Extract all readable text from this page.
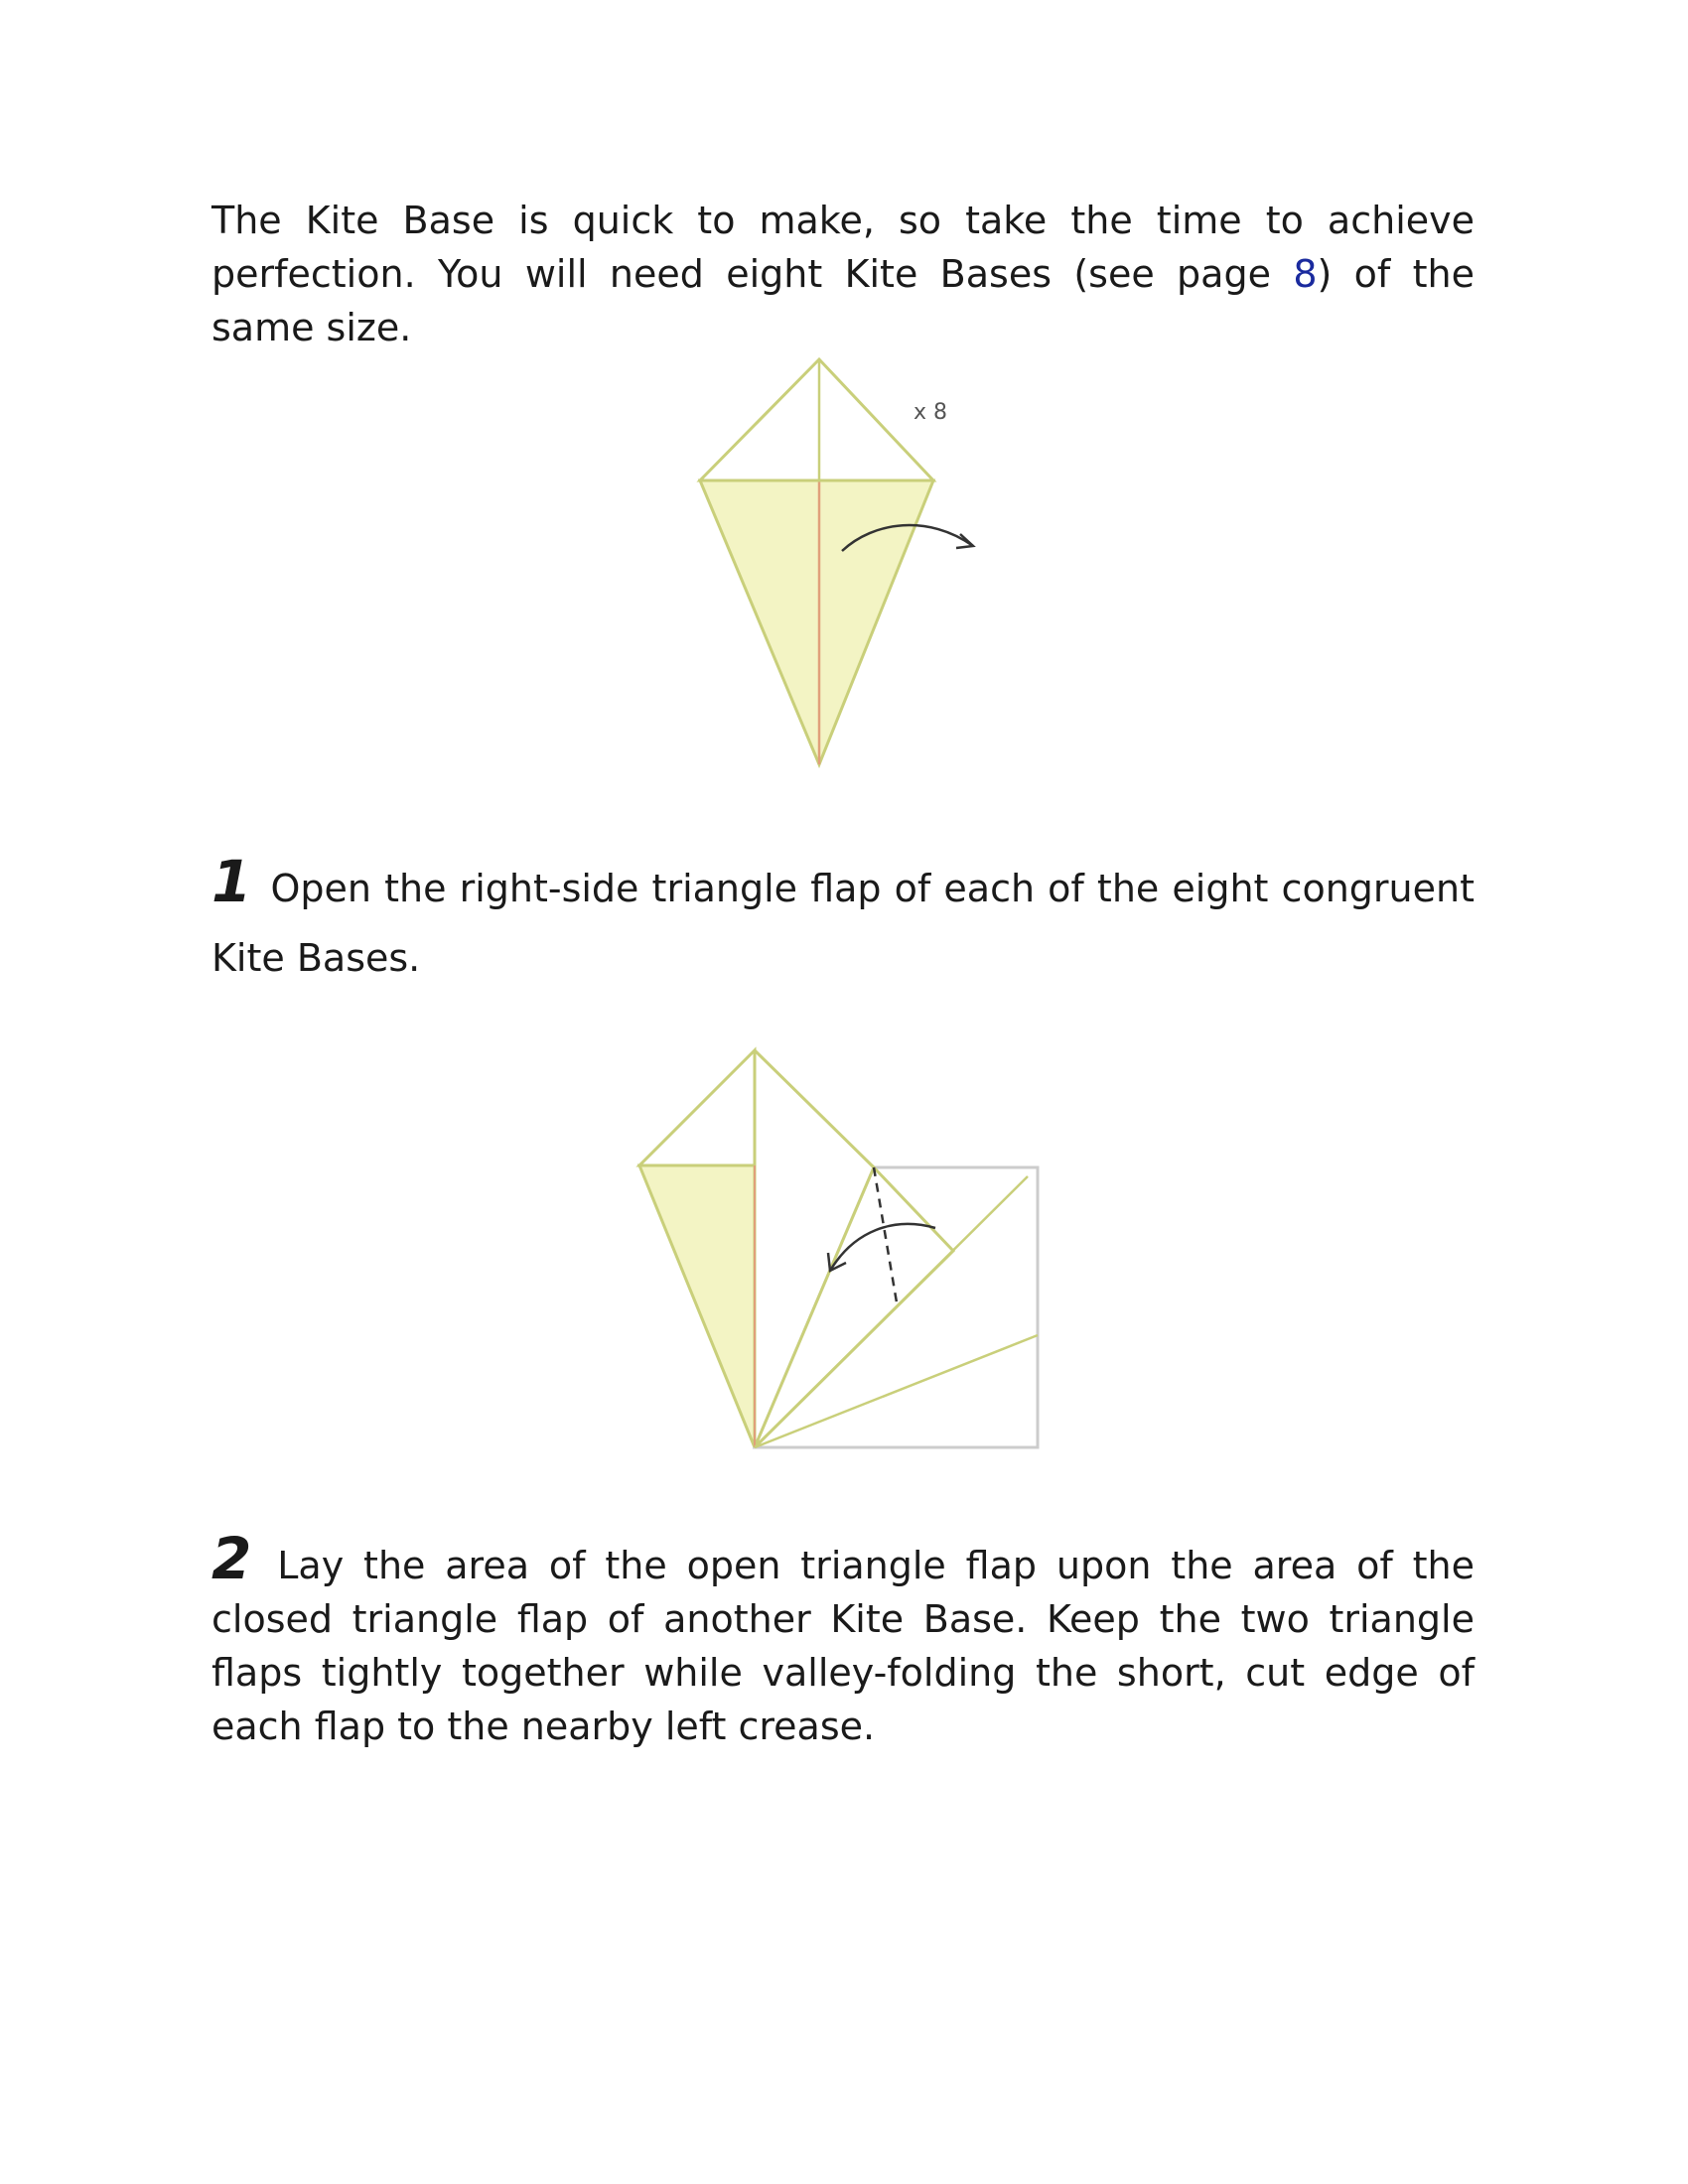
The Kite Base is quick to make, so take the time to achieve perfection. You will need eight Kite Bases (see page 8) of the same size.
x 8
1 Open the right-side triangle flap of each of the eight congruent Kite Bases.
2 Lay the area of the open triangle flap upon the area of the closed triangle flap of another Kite Base. Keep the two triangle flaps tightly together while valley-folding the short, cut edge of each flap to the nearby left crease.
